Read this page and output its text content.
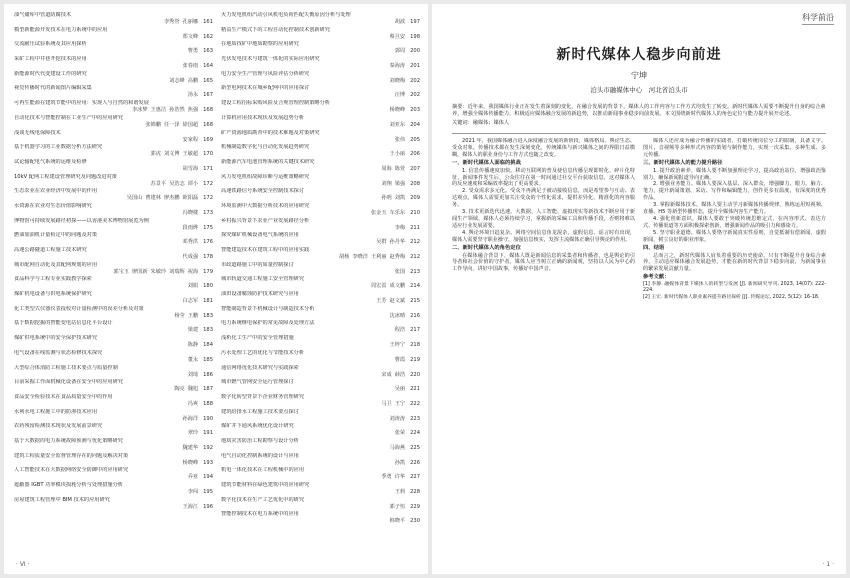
油气储库中管道防腐技术
李秀誉 孔丽娜 161
模型新能源开发技术在电力系统中的应用
郑文峰 162
交流耐压试验系统及其应用探析
曹勇 163
采矿工程中井巷开挖技术的应用
张春雨 164
新能源时代代变建设工作的研究
刘志峰 高鹏 165
视觉传播时代的新闻图片编辑采集
汤永 167
可再生能源在建筑节能中的应用：实现人与自然的和谐发展
李冰梦 王惠洁 孙浩然 焦强 168
自动化技术与智能控制在工业生产中的应用研究
张锦鹏 任一泽 徐国超 168
浅谈无线电保障技术
安家程 169
基于机器学习的工业数据分析方法研究
郭虎 刘文博 王敏超 170
试论输配电气系统的运维及检修
胡雪海 171
10kV 配网工程建设管理研究及问题改进对策
苏景平 吴浩志 谭小 172
生态农业在农业经济中发展中的作用
吴国山 曹建林 廖杰鹏 欧阳磊 172
水资源在农业对生态价值影响研究
冯晓楼 173
博物馆可持续发展路径初探——以香港美术博物馆展览为例
段雨烨 175
燃油加油机计量检定中的问题及对策
邓秀洪 176
高速公路隧道工程施工技术研究
代成强 178
城市配网自动化及其配网规划的应用
郭宝玉 廖国新 朱敏玲 刘瑞辉 祝海 179
食品科学与工程专业实践教学探索
刘娟 180
煤矿机电设备与供电系统保护研究
白志军 181
化工类型式仪器仪表投校对计量检测中的误差分析及对策
杨莹 王鹏 183
基于数据挖掘的智能变电站信息化平台设计
梁建 183
煤矿供电系统中的安全保护技术研究
陈静 184
电气设备在线监测与状态检修技术探究
董永 185
大型综合体消防工程施工技术要点与质量控制
刘琦 186
目前采掘工作面机械化设备在安全中的应用研究
陶亮 魏旭 187
食品安全检验技术在食品质量安全中的作用
冯爽 188
水利水电工程施工中的防渗技术应用
孙海洋 190
农药残留检测技术现状及发展前景研究
翠玲 191
基于大数据的电力系统故障预测与优化策略研究
魏建华 192
建筑工程质量安全监督管理存在的问题及解决对策
杨晓峰 193
人工智能技术在大数据网络安全防御中的应用研究
乔亚 194
遮蔽器 IGBT 功率模块损耗分析与处理措施分析
李闯 195
房屋建筑工程管理中 BIM 技术的应用研究
王海江 196
火力发电机组汽动引风机电负荷匹配失衡原因分析与处理
胡波 197
精益生产模式下的工程自动化控制技术创新研究
蔡旦安 198
在地质找矿中地质勘察的应用研究
郭周 200
光伏发电技术与建筑一体化的实际应用研究
秦海涛 201
电力安全生产管理与风险评估分析研究
刘晓梅 202
新型电网技术在城乡配网中的应用探讨
汪博 202
建设工程招标采购风险及合规管理控制策略分析
杨晓峰 203
计算机应用技术现状及发展趋势分析
刘亚东 204
矿产资源地质勘查中的技术难题及对策研究
张伟 205
机械制造数字化与自动化发展趋势研究
王小丽 206
新能源汽车电池管理系统的关键技术研究
周海 陈萱 207
风力发电机组故障诊断与运维策略研究
刘翔 梁强 208
高速铁路信号系统安全控制技术探讨
孙明 刘凯 209
环境监测中大数据分析技术的应用研究
张金玉 车乐东 210
乡村振兴背景下农业产业发展路径分析
李梅 211
探究煤矿机械设备电气系统的应用
吴群 孙丹华 212
智能建造技术在建筑工程中的应用实践
胡杨 李晓洋 王利丽 赵秀梅 212
市政道路施工中的质量控制探讨
张国 213
城市轨道交通工程施工安全管理研究
周宏雷 成文鹏 214
油田设备腐蚀防护技术研究与应用
王芳 赵文斌 215
智能制造背景下机械设计与制造技术分析
沈冰晴 216
电力系统继电保护的常见故障及处理方法
程浩 217
浅析化工生产中的安全管理措施
王梓宁 218
污水处理工艺的优化与节能技术分析
曹霞 219
通信网络优化技术研究与实践探索
宋成 薛浩 220
城市燃气管网安全运行管理探讨
吴丽 221
数字化转型背景下企业财务管理研究
马卫 王宁 222
建筑给排水工程施工技术要点探讨
刘涛涛 223
煤矿井下通风系统优化设计研究
张荣 224
地质灾害防治工程勘察与设计分析
马海燕 225
电气自动化控制系统的设计与应用
孙凯 226
机电一体化技术在工程机械中的应用
季勇 许华 227
建筑节能材料在绿色建筑中的应用研究
王莉 228
数字化技术在生产工艺优化中的研究
郭子恒 229
智能控制技术在电力系统中的应用
韩晓平 230
· VI ·
科学前沿
新时代媒体人稳步向前进
宁坤
泊头市融媒体中心　河北省泊头市
摘要：近年来，我国媒体行业正在发生着深刻的变化，在融合发展的背景下，媒体人的工作内容与工作方式均发生了转变。新时代媒体人需要不断提升自身的综合素养，增强全媒体传播能力，积极适应媒体融合发展的新趋势，以推动新闻事业稳步向前发展。本文围绕新时代媒体人的角色定位与能力提升展开论述。
关键词：融媒体；媒体人

2021 年，我国媒体融合进入深度融合发展的新阶段，媒体格局、舆论生态、受众对象、传播技术都在发生深刻变化，传统媒体与新兴媒体之间的界限日益模糊，媒体人的职业身份与工作方式也随之改变。

一、新时代媒体人面临的挑战

1. 信息传播速度加快。移动互联网的普及使信息传播呈现即时化、碎片化特征，新闻事件发生后，公众往往在第一时间通过社交平台获取信息，这对媒体人的反应速度和采编效率提出了更高要求。

2. 受众需求多元化。受众不再满足于被动接收信息，而是希望参与互动、表达观点，媒体人需要更加关注受众的个性化需求，提供差异化、精准化的内容服务。

3. 技术更新迭代迅速。大数据、人工智能、虚拟现实等新技术不断应用于新闻生产领域，媒体人必须持续学习，掌握新的采编工具和传播手段，否则将难以适应行业发展需要。

4. 舆论环境日趋复杂。网络空间信息鱼龙混杂，虚假信息、谣言时有出现，媒体人需要坚守职业操守，加强信息核实，发挥主流媒体正确引导舆论的作用。

二、新时代媒体人的角色定位

在媒体融合背景下，媒体人既是新闻信息的采集者和传播者，也是舆论的引导者和社会价值的守护者。媒体人应当树立正确的新闻观，坚持以人民为中心的工作导向，讲好中国故事，传播好中国声音。

媒体人还应成为融合传播的实践者，打破传统岗位分工的限制，具备文字、图片、音视频等多种形式内容的策划与制作能力，实现一次采集、多种生成、多元传播。

三、新时代媒体人的能力提升路径

1. 提升政治素养。媒体人要不断加强理论学习，提高政治站位，增强政治鉴别力，确保新闻报道导向正确。

2. 增强业务能力。媒体人要深入基层、深入群众，增强脚力、眼力、脑力、笔力，提升新闻策划、采访、写作和编辑能力，创作更多有温度、有深度的优秀作品。

3. 掌握新媒体技术。媒体人要主动学习新媒体传播规律，熟练运用短视频、直播、H5 等新型传播形态，提升全媒体内容生产能力。

4. 强化创新意识。媒体人要敢于突破传统思维定式，在内容形式、表达方式、传播渠道等方面积极探索创新，增强新闻作品的吸引力和感染力。

5. 坚守职业道德。媒体人要恪守新闻真实性原则，自觉抵制有偿新闻、虚假新闻，树立良好的职业形象。

四、结语

总而言之，新时代媒体人肩负着重要的历史使命，只有不断提升自身综合素养，主动适应媒体融合发展趋势，才能在新的时代背景下稳步向前，为新闻事业的繁荣发展贡献力量。

参考文献：

[1] 李静. 融媒体背景下媒体人的转型与发展 [J]. 新闻研究导刊, 2023, 14(07): 222-224.

[2] 王宏. 新时代媒体人职业素养提升路径探析 [J]. 传媒论坛, 2022, 5(12): 16-18.

· 1 ·
